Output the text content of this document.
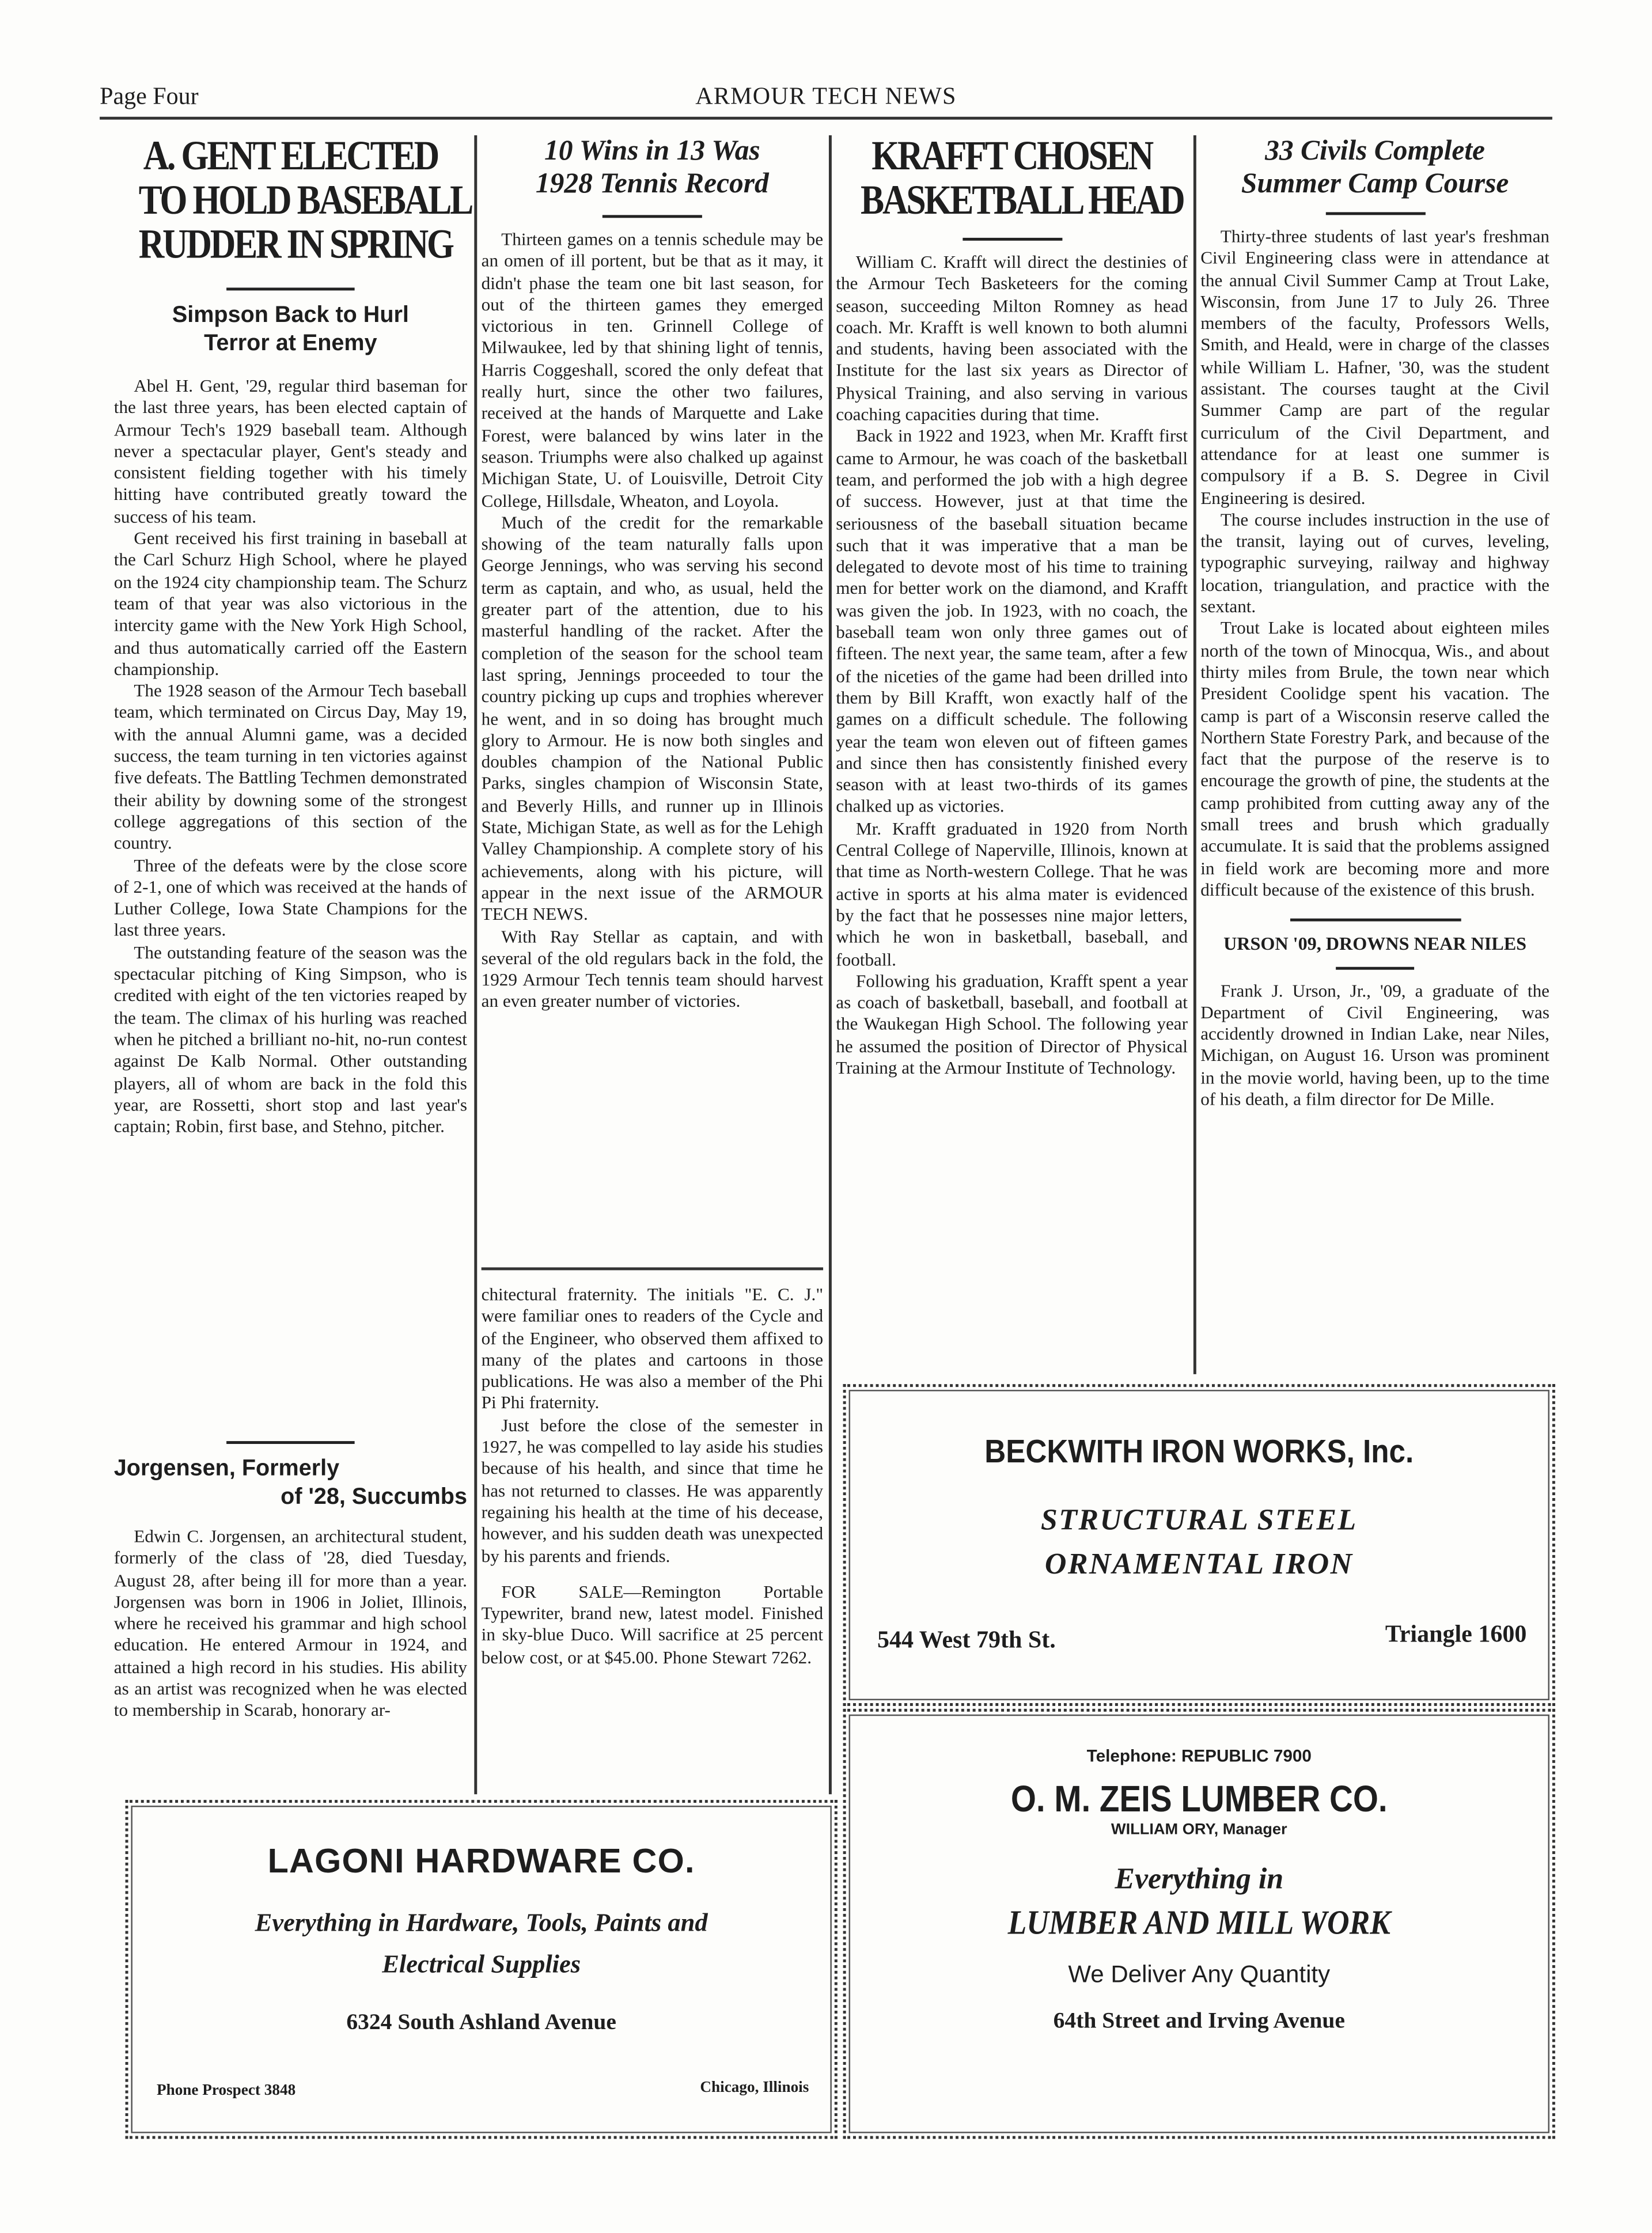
Page Four	ARMOUR TECH NEWS
A. GENT ELECTED
TO HOLD BASEBALL
RUDDER IN SPRING
Simpson Back to Hurl
Terror at Enemy

Abel H. Gent, '29, regular third baseman for the last three years, has been elected captain of Armour Tech's 1929 baseball team. Although never a spectacular player, Gent's steady and consistent fielding together with his timely hitting have contributed greatly toward the success of his team.

Gent received his first training in baseball at the Carl Schurz High School, where he played on the 1924 city championship team. The Schurz team of that year was also victorious in the intercity game with the New York High School, and thus automatically carried off the Eastern championship.

The 1928 season of the Armour Tech baseball team, which terminated on Circus Day, May 19, with the annual Alumni game, was a decided success, the team turning in ten victories against five defeats. The Battling Techmen demonstrated their ability by downing some of the strongest college aggregations of this section of the country.

Three of the defeats were by the close score of 2-1, one of which was received at the hands of Luther College, Iowa State Champions for the last three years.

The outstanding feature of the season was the spectacular pitching of King Simpson, who is credited with eight of the ten victories reaped by the team. The climax of his hurling was reached when he pitched a brilliant no-hit, no-run contest against De Kalb Normal. Other outstanding players, all of whom are back in the fold this year, are Rossetti, short stop and last year's captain; Robin, first base, and Stehno, pitcher.

Jorgensen, Formerly
of '28, Succumbs

Edwin C. Jorgensen, an architectural student, formerly of the class of '28, died Tuesday, August 28, after being ill for more than a year. Jorgensen was born in 1906 in Joliet, Illinois, where he received his grammar and high school education. He entered Armour in 1924, and attained a high record in his studies. His ability as an artist was recognized when he was elected to membership in Scarab, honorary ar-

10 Wins in 13 Was
1928 Tennis Record

Thirteen games on a tennis schedule may be an omen of ill portent, but be that as it may, it didn't phase the team one bit last season, for out of the thirteen games they emerged victorious in ten. Grinnell College of Milwaukee, led by that shining light of tennis, Harris Coggeshall, scored the only defeat that really hurt, since the other two failures, received at the hands of Marquette and Lake Forest, were balanced by wins later in the season. Triumphs were also chalked up against Michigan State, U. of Louisville, Detroit City College, Hillsdale, Wheaton, and Loyola.

Much of the credit for the remarkable showing of the team naturally falls upon George Jennings, who was serving his second term as captain, and who, as usual, held the greater part of the attention, due to his masterful handling of the racket. After the completion of the season for the school team last spring, Jennings proceeded to tour the country picking up cups and trophies wherever he went, and in so doing has brought much glory to Armour. He is now both singles and doubles champion of the National Public Parks, singles champion of Wisconsin State, and Beverly Hills, and runner up in Illinois State, Michigan State, as well as for the Lehigh Valley Championship. A complete story of his achievements, along with his picture, will appear in the next issue of the ARMOUR TECH NEWS.

With Ray Stellar as captain, and with several of the old regulars back in the fold, the 1929 Armour Tech tennis team should harvest an even greater number of victories.

chitectural fraternity. The initials "E. C. J." were familiar ones to readers of the Cycle and of the Engineer, who observed them affixed to many of the plates and cartoons in those publications. He was also a member of the Phi Pi Phi fraternity.

Just before the close of the semester in 1927, he was compelled to lay aside his studies because of his health, and since that time he has not returned to classes. He was apparently regaining his health at the time of his decease, however, and his sudden death was unexpected by his parents and friends.

FOR SALE—Remington Portable Typewriter, brand new, latest model. Finished in sky-blue Duco. Will sacrifice at 25 percent below cost, or at $45.00. Phone Stewart 7262.

KRAFFT CHOSEN
BASKETBALL HEAD

William C. Krafft will direct the destinies of the Armour Tech Basketeers for the coming season, succeeding Milton Romney as head coach. Mr. Krafft is well known to both alumni and students, having been associated with the Institute for the last six years as Director of Physical Training, and also serving in various coaching capacities during that time.

Back in 1922 and 1923, when Mr. Krafft first came to Armour, he was coach of the basketball team, and performed the job with a high degree of success. However, just at that time the seriousness of the baseball situation became such that it was imperative that a man be delegated to devote most of his time to training men for better work on the diamond, and Krafft was given the job. In 1923, with no coach, the baseball team won only three games out of fifteen. The next year, the same team, after a few of the niceties of the game had been drilled into them by Bill Krafft, won exactly half of the games on a difficult schedule. The following year the team won eleven out of fifteen games and since then has consistently finished every season with at least two-thirds of its games chalked up as victories.

Mr. Krafft graduated in 1920 from North Central College of Naperville, Illinois, known at that time as North-western College. That he was active in sports at his alma mater is evidenced by the fact that he possesses nine major letters, which he won in basketball, baseball, and football.

Following his graduation, Krafft spent a year as coach of basketball, baseball, and football at the Waukegan High School. The following year he assumed the position of Director of Physical Training at the Armour Institute of Technology.

33 Civils Complete
Summer Camp Course

Thirty-three students of last year's freshman Civil Engineering class were in attendance at the annual Civil Summer Camp at Trout Lake, Wisconsin, from June 17 to July 26. Three members of the faculty, Professors Wells, Smith, and Heald, were in charge of the classes while William L. Hafner, '30, was the student assistant. The courses taught at the Civil Summer Camp are part of the regular curriculum of the Civil Department, and attendance for at least one summer is compulsory if a B. S. Degree in Civil Engineering is desired.

The course includes instruction in the use of the transit, laying out of curves, leveling, typographic surveying, railway and highway location, triangulation, and practice with the sextant.

Trout Lake is located about eighteen miles north of the town of Minocqua, Wis., and about thirty miles from Brule, the town near which President Coolidge spent his vacation. The camp is part of a Wisconsin reserve called the Northern State Forestry Park, and because of the fact that the purpose of the reserve is to encourage the growth of pine, the students at the camp prohibited from cutting away any of the small trees and brush which gradually accumulate. It is said that the problems assigned in field work are becoming more and more difficult because of the existence of this brush.

URSON '09, DROWNS NEAR NILES

Frank J. Urson, Jr., '09, a graduate of the Department of Civil Engineering, was accidently drowned in Indian Lake, near Niles, Michigan, on August 16. Urson was prominent in the movie world, having been, up to the time of his death, a film director for De Mille.

BECKWITH IRON WORKS, Inc.
STRUCTURAL STEEL
ORNAMENTAL IRON
544 West 79th St.	Triangle 1600
Telephone: REPUBLIC 7900
O. M. ZEIS LUMBER CO.
WILLIAM ORY, Manager
Everything in
LUMBER AND MILL WORK
We Deliver Any Quantity
64th Street and Irving Avenue
LAGONI HARDWARE CO.
Everything in Hardware, Tools, Paints and
Electrical Supplies
6324 South Ashland Avenue
Phone Prospect 3848	Chicago, Illinois
